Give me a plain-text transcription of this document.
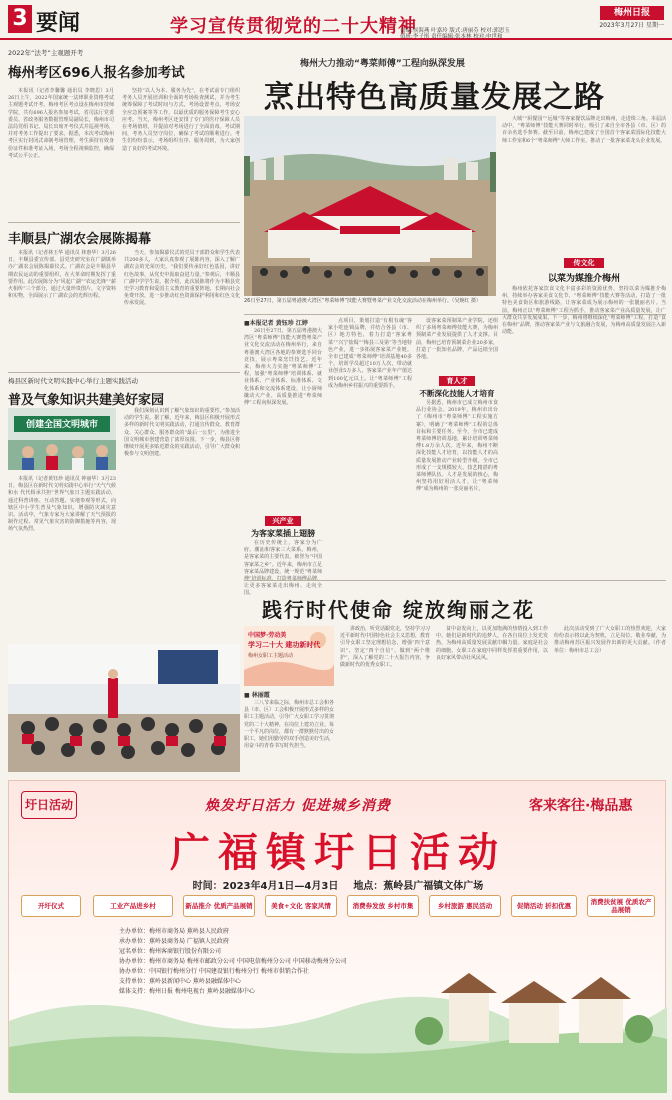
3 要闻	学习宣传贯彻党的二十大精神
梅州日报
2023年3月27日 星期一
责编:侯海燕 叶嘉玲 版式:唐丽芬 校对:郭思玉
值班:李子彤 责任编辑:张本林 校对:申世和
2022年“法考”主观题开考
梅州考区696人报名参加考试

本报讯（记者李馨馨 通讯员 李晓思）3月26日上午，2022年国家统一法律职业资格考试主观题考试开考。梅州考区考点设在梅州市技师学院，共有696人报名参加考试。省司法厅党委委员、省政务服务数据管理局副局长，梅州市司法局党组书记、局长出席开考仪式并巡视考场，并对考务工作提出了要求。据悉，本次考试梅州考区实行封闭式命制考场管理，考生须持有效身份证件和准考证入场，考场全程视频监控，确保考试公平公正。

坚持“以人为本、服务为先”，在考试前专门组织考务人员开展培训和全面的考场检查测试，并为考生统筹保障了考试时间与方式，考场设置考点、考场安全应急预案等等工作，以最优质的服务保障考生安心应考。当天，梅州考区还安排了专门的医疗保障人员在考场值班，并提前对考场进行了全面消毒。考试期间，考务人员坚守岗位，确保了考试的顺利进行。考生们纷纷表示，考场组织有序、服务周到，为大家创造了良好的考试环境。

丰顺县广湖农会展陈揭幕

本报讯（记者林玉华 通讯员 林惠华）3月26日，丰顺县委宣传部、县党史研究室在广湖镇举办广湖农会展陈揭幕仪式。广湖农会是丰顺县早期农民运动的重要组织，在大革命时期发挥了重要作用。此次展陈分为“风起广湖”“农运先锋”“薪火相传”三个部分，通过大量珍贵图片、文字资料和实物，全面展示了广湖农会的光辉历程。

当天，参加揭幕仪式的党员干部群众和学生代表共200多人，大家认真参观了展陈内容，深入了解广湖农会的光荣历史。“我们要传承好红色基因，讲好红色故事，从党史中汲取奋进力量。”参观后，丰顺县广湖中学学生说。据介绍，此次展陈将作为丰顺县党史学习教育和爱国主义教育的重要阵地，长期向社会免费开放，进一步推动红色资源保护利用和红色文化传承发展。

梅县区新时代文明实践中心举行主题实践活动
普及气象知识共建美好家园
创建全国文明城市

本报讯（记者黄钰珍 通讯员 钟丽华）3月23日，梅县区在新时代文明实践中心举行“天气气候和水 代代相承共担”世界气象日主题实践活动，通过科普讲座、互动答题、实地参观等形式，向辖区中小学生普及气象知识，增强防灾减灾意识。活动中，气象专家为大家讲解了天气预报的制作过程、常见气象灾害的防御措施等内容，现场气氛热烈。

我们深刻认识到了解气象知识的重要性。”参加活动的学生说。据了解，近年来，梅县区积极开展形式多样的新时代文明实践活动，打通宣传群众、教育群众、关心群众、服务群众的“最后一公里”，为推进全国文明城市创建营造了浓厚氛围。下一步，梅县区将继续开展更多贴近群众的实践活动，引导广大群众积极参与文明创建。

梅州大力推动“粤菜师傅”工程向纵深发展
烹出特色高质量发展之路
26日至27日，第五届粤港澳大湾区“粤菜师傅”技能大赛暨粤菜产业文化交流活动在梅州举行。（吴婉红 摄）

大城”“厨餐园”“远城”等客家餐饮品牌走出梅州，走进珠三角。本届活动中，“粤菜师傅”技能大赛同时举行，吸引了来自全市各县（市、区）的百余名选手参赛。截至目前，梅州已建成了全国首个客家菜国际化技能大师工作室和6个“粤菜师傅”大师工作室，推动了一批客家菜龙头企业发展。

传文化
以菜为媒推介梅州

梅州依托客家饮食文化丰富多彩的资源优势，坚持以菜为媒推介梅州，持续举办客家美食文化节、“粤菜师傅”技能大赛等活动，打造了一批特色美食街区和旅游线路，让客家菜成为展示梅州的一张靓丽名片。当前，梅州正以“粤菜师傅”工程为抓手，推动客家菜产业高质量发展，让广大群众共享发展成果。下一步，梅州将继续深化“粤菜师傅”工程，打造“食在梅州”品牌，推动客家菜产业与文旅融合发展，为梅州高质量发展注入新动能。

■本报记者 黄钰珍 江婷

26日至27日，第五届粤港澳大湾区“粤菜师傅”技能大赛暨粤菜产业文化交流活动在梅州举行，来自粤港澳大湾区各地的参赛选手同台竞技，展示粤菜烹饪技艺。近年来，梅州大力实施“粤菜师傅”工程，加强“粤菜师傅”培训体系、就业体系、产业体系、标准体系、文化体系和交流体系建设，让小厨师撬动大产业，高质量推进“粤菜师傅”工程向纵深发展。

兴产业
为客家菜插上翅膀

在历史传统上，客家分为广府、潮汕和客家三大菜系。梅州，是客家菜的主要代表，被誉为“中国客家菜之乡”。近年来，梅州市立足客家菜品牌建设，统一规范“粤菜师 让更多客家菜走出梅州、走向全国。

点项目，策划打造“有根有魂”客家小吃连锁品牌，并结合各县（市、区）地方特色，着力打造“客家粤菜”“兴宁盐焗”“梅县三及第”等当地特色产业，进一步拓展客家菜产业链。全市已建成“粤菜师傅”培训基地40多个，培训学员超过10万人次，带动就业创业5万多人，客家菜产业年产值达到100亿元以上。让“粤菜师傅”工程成为梅州乡村振兴的重要抓手。

设客家菜预制菜产业学院，还组织了多场粤菜师傅技能大赛，为梅州预制菜产业发展提供了人才支撑。目前，梅州已培育预制菜企业20多家，打造了一批知名品牌，产品远销全国各地。

育人才
不断深化技能人才培育

另据悉，梅州市已成立梅州市食品行业协会。2019年，梅州市出台了《梅州市“粤菜师傅”工程实施方案》，明确了“粤菜师傅”工程的总体目标和主要任务。至今，全市已建成粤菜师傅培训基地，累计培训粤菜师傅1.8万余人次。近年来，梅州不断深化技能人才培育，以技能人才的高质量发展推动产业转型升级，全市已形成了一支规模较大、技艺精湛的粤菜师傅队伍。人才是发展的核心，梅州坚持用好用活人才，让“粤菜师傅”成为梅州的一张亮丽名片。

践行时代使命 绽放绚丽之花
中国梦·劳动美
学习二十大 建功新时代
梅州女职工主题活动
■ 林丽霞

三八节来临之际，梅州市总工会和各县（市、区）工会积极开展形式多样的女职工主题活动，引导广大女职工学习贯彻党的二十大精神，在岗位上建功立业。每一个平凡的岗位，都有一群默默付出的女职工，她们用勤劳的双手创造美好生活，用奋斗的青春书写时代担当。

讲政治，听党话跟党走，坚持学习习近平新时代中国特色社会主义思想，教育引导女职工坚定理想信念，增强“四个意识”、坚定“四个自信”、做到“两个维护”，深入了解党的二十大报告内容，争做新时代的优秀女职工。

贫中奋发向上，以更加饱满的热情投入到工作中。她们是新时代的追梦人，在各自岗位上发光发热，为梅州高质量发展贡献巾帼力量。家庭是社会的细胞，女职工在家庭中同样发挥着重要作用，以良好家风带动社风民风。

此次活动受到了广大女职工的热烈欢迎，大家纷纷表示将以此为契机，立足岗位、敬业奉献，为推动梅州苏区振兴发展作出新的更大贡献。（作者单位：梅州市总工会）

圩日活动	焕发圩日活力 促进城乡消费	客来客往·梅品惠
广福镇圩日活动
时间：2023年4月1日—4月3日 地点：蕉岭县广福镇文体广场
开圩仪式	工业产品进乡村	新品推介 优质产品展销	美食+文化 客家风情	消费券发放 乡村市集	乡村旅游 惠民活动	促销活动 折扣优惠	消费扶贫展 优质农产品展销
主办单位：梅州市商务局 蕉岭县人民政府
承办单位：蕉岭县商务局 广福镇人民政府
冠名单位：梅州客商银行股份有限公司
协办单位：梅州市商务局 梅州市邮政分公司 中国电信梅州分公司 中国移动梅州分公司
协办单位：中国银行梅州分行 中国建设银行梅州分行 梅州市供销合作社
支持单位：蕉岭县新闻中心 蕉岭县融媒体中心
媒体支持：梅州日报 梅州电视台 蕉岭县融媒体中心
